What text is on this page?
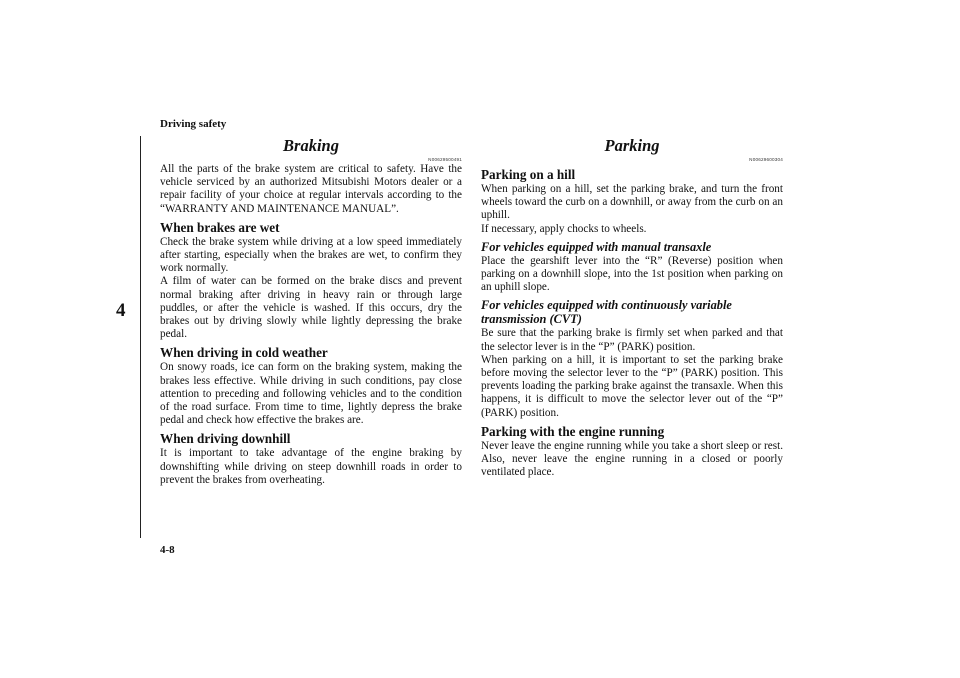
Driving safety
4
Braking
N00629500491

All the parts of the brake system are critical to safety. Have the vehicle serviced by an authorized Mitsubishi Motors dealer or a repair facility of your choice at regular intervals according to the “WARRANTY AND MAINTENANCE MANUAL”.

When brakes are wet

Check the brake system while driving at a low speed immediately after starting, especially when the brakes are wet, to confirm they work normally.

A film of water can be formed on the brake discs and prevent normal braking after driving in heavy rain or through large puddles, or after the vehicle is washed. If this occurs, dry the brakes out by driving slowly while lightly depressing the brake pedal.

When driving in cold weather

On snowy roads, ice can form on the braking system, making the brakes less effective. While driving in such conditions, pay close attention to preceding and following vehicles and to the condition of the road surface. From time to time, lightly depress the brake pedal and check how effective the brakes are.

When driving downhill

It is important to take advantage of the engine braking by downshifting while driving on steep downhill roads in order to prevent the brakes from overheating.

Parking
N00629600304
Parking on a hill

When parking on a hill, set the parking brake, and turn the front wheels toward the curb on a downhill, or away from the curb on an uphill.

If necessary, apply chocks to wheels.

For vehicles equipped with manual transaxle

Place the gearshift lever into the “R” (Reverse) position when parking on a downhill slope, into the 1st position when parking on an uphill slope.

For vehicles equipped with continuously variable transmission (CVT)

Be sure that the parking brake is firmly set when parked and that the selector lever is in the “P” (PARK) position.

When parking on a hill, it is important to set the parking brake before moving the selector lever to the “P” (PARK) position. This prevents loading the parking brake against the transaxle. When this happens, it is difficult to move the selector lever out of the “P” (PARK) position.

Parking with the engine running

Never leave the engine running while you take a short sleep or rest. Also, never leave the engine running in a closed or poorly ventilated place.

4-8
